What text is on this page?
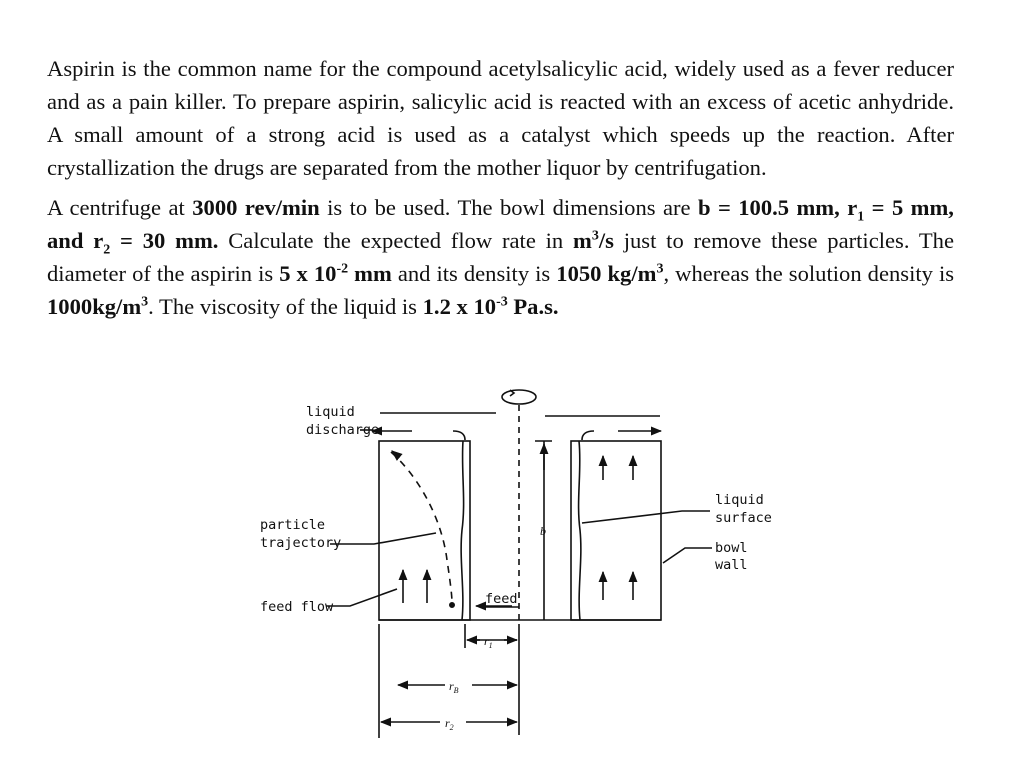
Aspirin is the common name for the compound acetylsalicylic acid, widely used as a fever reducer and as a pain killer. To prepare aspirin, salicylic acid is reacted with an excess of acetic anhydride. A small amount of a strong acid is used as a catalyst which speeds up the reaction. After crystallization the drugs are separated from the mother liquor by centrifugation.

A centrifuge at 3000 rev/min is to be used. The bowl dimensions are b = 100.5 mm, $r_1 = 5$ mm, and $r_2 = 30$ mm. Calculate the expected flow rate in $m^3/s$ just to remove these particles. The diameter of the aspirin is 5 x $10^{-2}$ mm and its density is 1050 $kg/m^3$, whereas the solution density is $1000kg/m^3$. The viscosity of the liquid is 1.2 x $10^{-3}$ Pa.s.

liquid
discharge
particle
trajectory
feed flow	feed
liquid
surface
bowl
wall
b
$r_1$
$r_B$
$r_2$
